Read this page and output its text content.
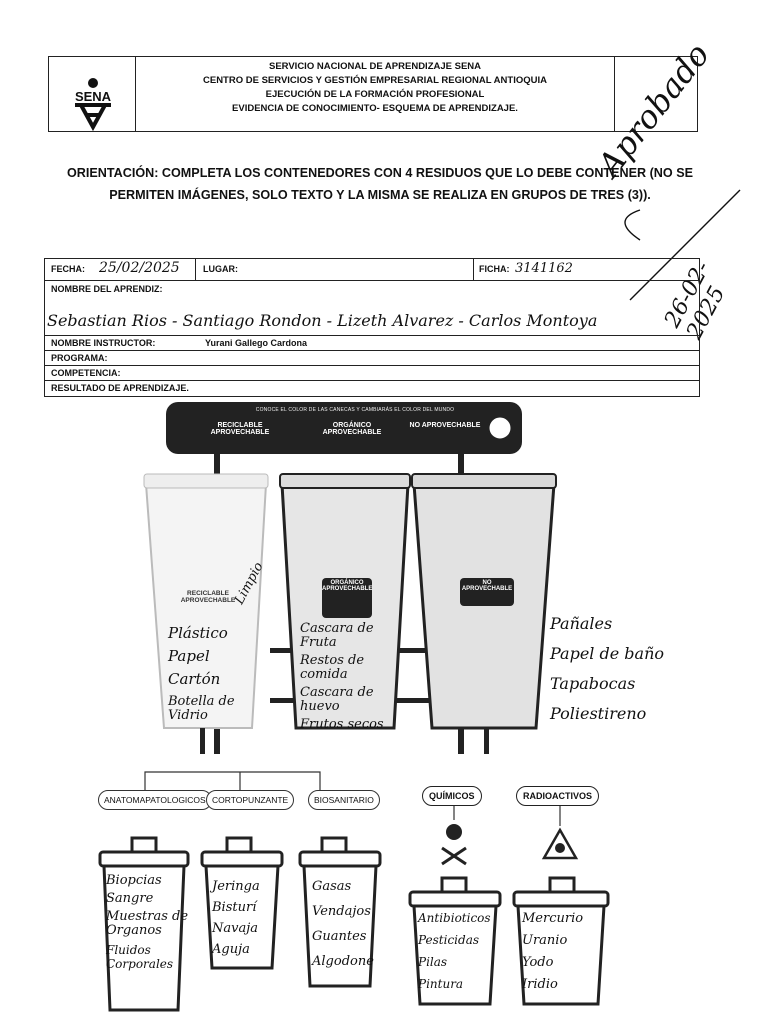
SENA
SERVICIO NACIONAL DE APRENDIZAJE SENA
CENTRO DE SERVICIOS Y GESTIÓN EMPRESARIAL REGIONAL ANTIOQUIA
EJECUCIÓN DE LA FORMACIÓN PROFESIONAL
EVIDENCIA DE CONOCIMIENTO- ESQUEMA DE APRENDIZAJE.
ORIENTACIÓN: COMPLETA LOS CONTENEDORES CON 4 RESIDUOS QUE LO DEBE CONTENER (NO SE PERMITEN IMÁGENES, SOLO TEXTO Y LA MISMA SE REALIZA EN GRUPOS DE TRES (3)).
Aprobado
26-02-2025
FECHA: 25/02/2025	LUGAR:	FICHA: 3141162
NOMBRE DEL APRENDIZ:
Sebastian Rios - Santiago Rondon - Lizeth Alvarez - Carlos Montoya
NOMBRE INSTRUCTOR:	Yurani Gallego Cardona
PROGRAMA:
COMPETENCIA:
RESULTADO DE APRENDIZAJE.
CONOCE EL COLOR DE LAS CANECAS Y CAMBIARÁS EL COLOR DEL MUNDO
RECICLABLE APROVECHABLE
ORGÁNICO APROVECHABLE
NO APROVECHABLE
RECICLABLE APROVECHABLE
ORGÁNICO APROVECHABLE
NO APROVECHABLE
Plástico
Papel
Cartón
Botella de Vidrio
Limpio
Cascara de Fruta
Restos de comida
Cascara de huevo
Frutos secos
Pañales
Papel de baño
Tapabocas
Poliestireno
ANATOMAPATOLOGICOS CORTOPUNZANTE	BIOSANITARIO	QUÍMICOS	RADIOACTIVOS
Biopcias
Sangre
Muestras de Organos
Fluidos Corporales
Jeringa
Bisturí
Navaja
Aguja
Gasas
Vendajos
Guantes
Algodone
Antibioticos
Pesticidas
Pilas
Pintura
Mercurio
Uranio
Yodo
Iridio
